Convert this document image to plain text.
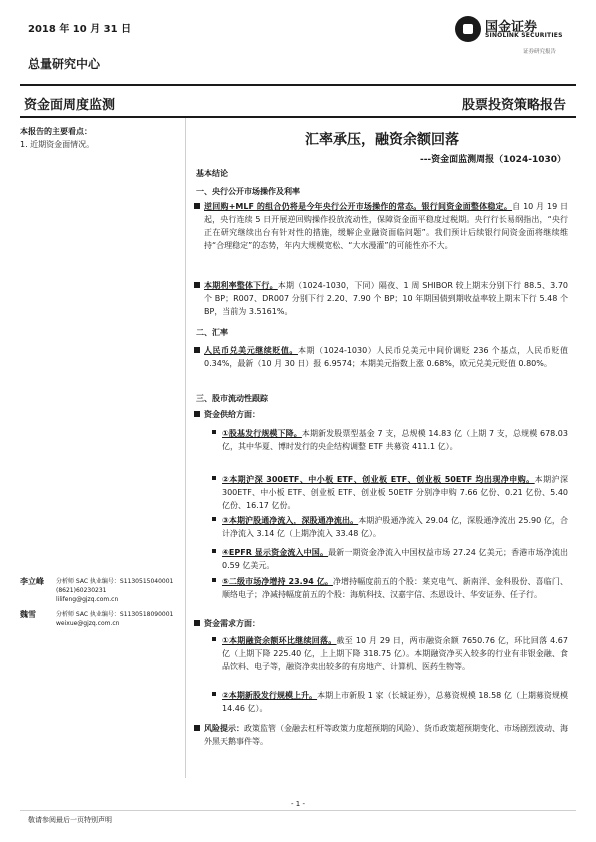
2018 年 10 月 31 日
总量研究中心
国金证券
SINOLINK SECURITIES
证券研究报告
资金面周度监测	股票投资策略报告
本报告的主要看点：
1. 近期资金面情况。
李立峰 分析师 SAC 执业编号：S1130515040001
(8621)60230231
lilifeng@gjzq.com.cn
魏雪	分析师 SAC 执业编号：S1130518090001
weixue@gjzq.com.cn
汇率承压，融资余额回落
---资金面监测周报（1024-1030）
基本结论
一、央行公开市场操作及利率
逆回购+MLF 的组合仍将是今年央行公开市场操作的常态。银行间资金面整体稳定。自 10 月 19 日起，央行连续 5 日开展逆回购操作投放流动性，保障资金面平稳度过税期。央行行长易纲指出，“央行正在研究继续出台有针对性的措施，缓解企业融资面临问题”。我们预计后续银行间资金面将继续维持“合理稳定”的态势，年内大规模宽松、“大水漫灌”的可能性亦不大。
本期利率整体下行。本期（1024-1030，下同）隔夜、1 周 SHIBOR 较上期末分别下行 88.5、3.70 个 BP；R007、DR007 分别下行 2.20、7.90 个 BP；10 年期国债到期收益率较上期末下行 5.48 个 BP，当前为 3.5161%。
二、汇率
人民币兑美元继续贬值。本期（1024-1030）人民币兑美元中间价调贬 236 个基点，人民币贬值 0.34%，最新（10 月 30 日）报 6.9574；本期美元指数上涨 0.68%，欧元兑美元贬值 0.80%。
三、股市流动性跟踪
资金供给方面：
①股基发行规模下降。本期新发股票型基金 7 支，总规模 14.83 亿（上期 7 支，总规模 678.03 亿，其中华夏、博时发行的央企结构调整 ETF 共募资 411.1 亿）。
②本期沪深 300ETF、中小板 ETF、创业板 ETF、创业板 50ETF 均出现净申购。本期沪深 300ETF、中小板 ETF、创业板 ETF、创业板 50ETF 分别净申购 7.66 亿份、0.21 亿份、5.40 亿份、16.17 亿份。
③本期沪股通净流入，深股通净流出。本期沪股通净流入 29.04 亿，深股通净流出 25.90 亿，合计净流入 3.14 亿（上期净流入 33.48 亿）。
④EPFR 显示资金流入中国。最新一期资金净流入中国权益市场 27.24 亿美元；香港市场净流出 0.59 亿美元。
⑤二级市场净增持 23.94 亿。净增持幅度前五的个股：莱克电气、新南洋、金科股份、喜临门、顺络电子；净减持幅度前五的个股：海航科技、汉嘉宇信、杰恩设计、华安证券、任子行。
资金需求方面：
①本期融资余额环比继续回落。截至 10 月 29 日，两市融资余额 7650.76 亿，环比回落 4.67 亿（上期下降 225.40 亿，上上期下降 318.75 亿）。本期融资净买入较多的行业有非银金融、食品饮料、电子等，融资净卖出较多的有房地产、计算机、医药生物等。
②本期新股发行规模上升。本期上市新股 1 家（长城证券），总募资规模 18.58 亿（上期募资规模 14.46 亿）。
风险提示：政策监管（金融去杠杆等政策力度超预期的风险）、货币政策超预期变化、市场剧烈波动、海外黑天鹅事件等。
- 1 -
敬请参阅最后一页特别声明
